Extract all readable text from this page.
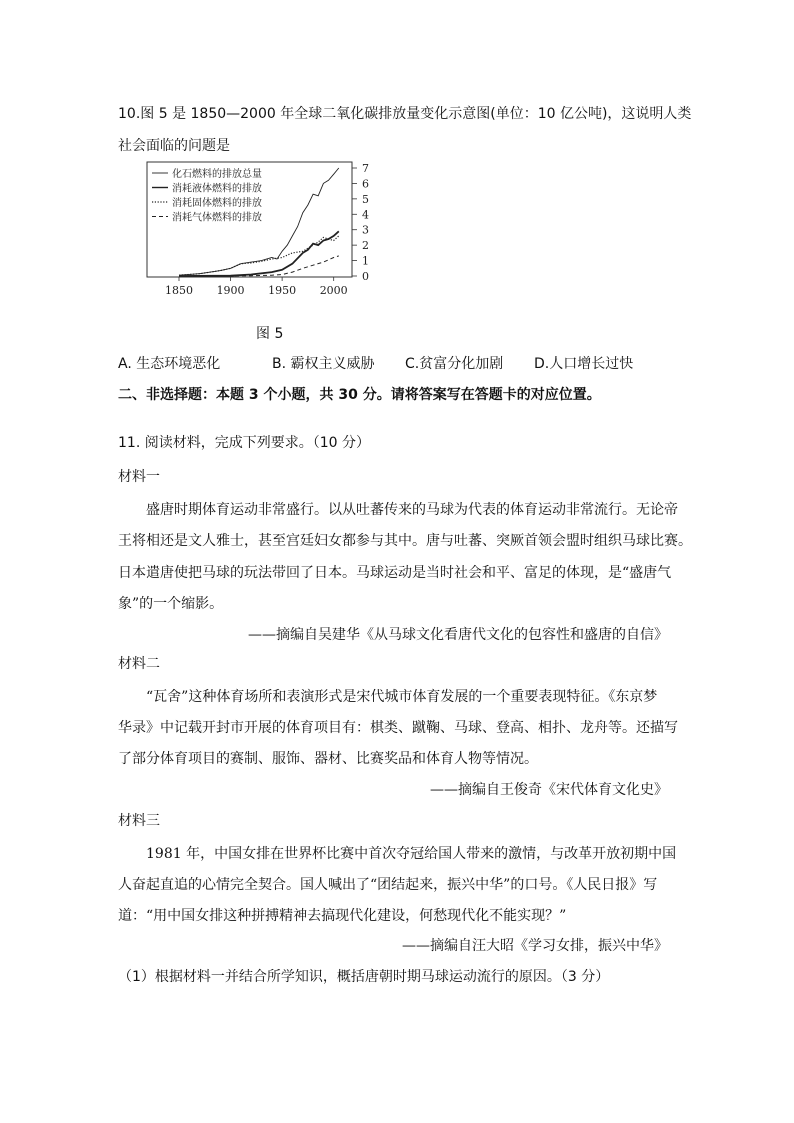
10.图 5 是 1850—2000 年全球二氧化碳排放量变化示意图(单位：10 亿公吨)，这说明人类
社会面临的问题是
化石燃料的排放总量
消耗液体燃料的排放
消耗固体燃料的排放
消耗气体燃料的排放
0
1
2
3
4
5
6
7
1850 1900 1950 2000
图 5
A. 生态环境恶化	B. 霸权主义威胁 C.贫富分化加剧 D.人口增长过快
二、非选择题：本题 3 个小题，共 30 分。请将答案写在答题卡的对应位置。
11. 阅读材料，完成下列要求。（10 分）
材料一
盛唐时期体育运动非常盛行。以从吐蕃传来的马球为代表的体育运动非常流行。无论帝
王将相还是文人雅士，甚至宫廷妇女都参与其中。唐与吐蕃、突厥首领会盟时组织马球比赛。
日本遣唐使把马球的玩法带回了日本。马球运动是当时社会和平、富足的体现，是“盛唐气
象”的一个缩影。
——摘编自吴建华《从马球文化看唐代文化的包容性和盛唐的自信》
材料二
“瓦舍”这种体育场所和表演形式是宋代城市体育发展的一个重要表现特征。《东京梦
华录》中记载开封市开展的体育项目有：棋类、蹴鞠、马球、登高、相扑、龙舟等。还描写
了部分体育项目的赛制、服饰、器材、比赛奖品和体育人物等情况。
——摘编自王俊奇《宋代体育文化史》
材料三
1981 年，中国女排在世界杯比赛中首次夺冠给国人带来的激情，与改革开放初期中国
人奋起直追的心情完全契合。国人喊出了“团结起来，振兴中华”的口号。《人民日报》写
道：“用中国女排这种拼搏精神去搞现代化建设，何愁现代化不能实现？”
——摘编自汪大昭《学习女排，振兴中华》
（1）根据材料一并结合所学知识，概括唐朝时期马球运动流行的原因。（3 分）
